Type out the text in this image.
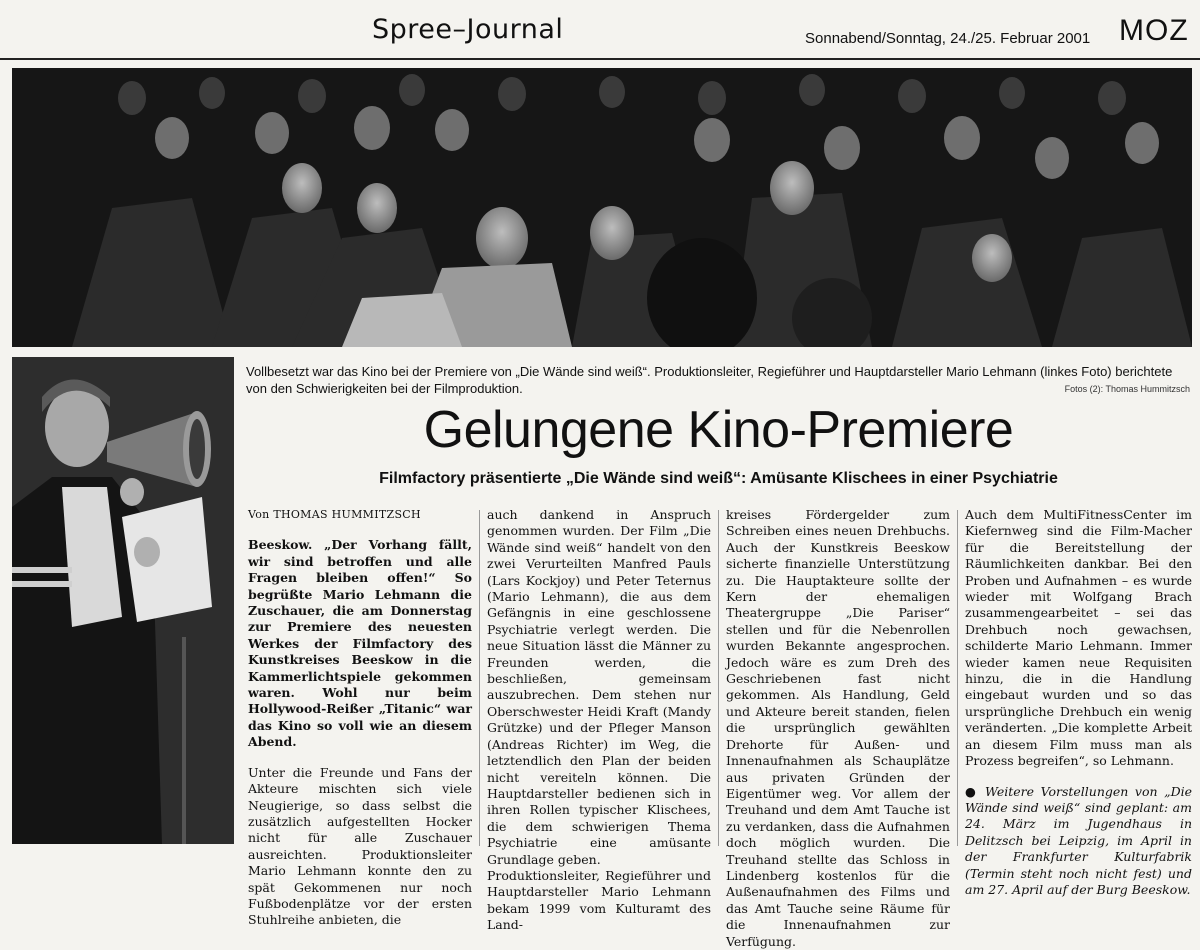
Spree–Journal	Sonnabend/Sonntag, 24./25. Februar 2001 MOZ
Vollbesetzt war das Kino bei der Premiere von „Die Wände sind weiß“. Produktionsleiter, Regieführer und Hauptdarsteller Mario Lehmann (linkes Foto) berichtete von den Schwierigkeiten bei der Filmproduktion.	Fotos (2): Thomas Hummitzsch
Gelungene Kino-Premiere
Filmfactory präsentierte „Die Wände sind weiß“: Amüsante Klischees in einer Psychiatrie

Von THOMAS HUMMITZSCH

Beeskow. „Der Vorhang fällt, wir sind betroffen und alle Fragen bleiben offen!“ So begrüßte Mario Lehmann die Zuschauer, die am Donnerstag zur Premiere des neuesten Werkes der Filmfactory des Kunstkreises Beeskow in die Kammerlichtspiele gekommen waren. Wohl nur beim Hollywood-Reißer „Titanic“ war das Kino so voll wie an diesem Abend.

Unter die Freunde und Fans der Akteure mischten sich viele Neugierige, so dass selbst die zusätzlich aufgestellten Hocker nicht für alle Zuschauer ausreichten. Produktionsleiter Mario Lehmann konnte den zu spät Gekommenen nur noch Fußbodenplätze vor der ersten Stuhlreihe anbieten, die

auch dankend in Anspruch genommen wurden. Der Film „Die Wände sind weiß“ handelt von den zwei Verurteilten Manfred Pauls (Lars Kockjoy) und Peter Teternus (Mario Lehmann), die aus dem Gefängnis in eine geschlossene Psychiatrie verlegt werden. Die neue Situation lässt die Männer zu Freunden werden, die beschließen, gemeinsam auszubrechen. Dem stehen nur Oberschwester Heidi Kraft (Mandy Grützke) und der Pfleger Manson (Andreas Richter) im Weg, die letztendlich den Plan der beiden nicht vereiteln können. Die Hauptdarsteller bedienen sich in ihren Rollen typischer Klischees, die dem schwierigen Thema Psychiatrie eine amüsante Grundlage geben.

Produktionsleiter, Regieführer und Hauptdarsteller Mario Lehmann bekam 1999 vom Kulturamt des Land-

kreises Fördergelder zum Schreiben eines neuen Drehbuchs. Auch der Kunstkreis Beeskow sicherte finanzielle Unterstützung zu. Die Hauptakteure sollte der Kern der ehemaligen Theatergruppe „Die Pariser“ stellen und für die Nebenrollen wurden Bekannte angesprochen. Jedoch wäre es zum Dreh des Geschriebenen fast nicht gekommen. Als Handlung, Geld und Akteure bereit standen, fielen die ursprünglich gewählten Drehorte für Außen- und Innenaufnahmen als Schauplätze aus privaten Gründen der Eigentümer weg. Vor allem der Treuhand und dem Amt Tauche ist zu verdanken, dass die Aufnahmen doch möglich wurden. Die Treuhand stellte das Schloss in Lindenberg kostenlos für die Außenaufnahmen des Films und das Amt Tauche seine Räume für die Innenaufnahmen zur Verfügung.

Auch dem MultiFitnessCenter im Kiefernweg sind die Film-Macher für die Bereitstellung der Räumlichkeiten dankbar. Bei den Proben und Aufnahmen – es wurde wieder mit Wolfgang Brach zusammengearbeitet – sei das Drehbuch noch gewachsen, schilderte Mario Lehmann. Immer wieder kamen neue Requisiten hinzu, die in die Handlung eingebaut wurden und so das ursprüngliche Drehbuch ein wenig veränderten. „Die komplette Arbeit an diesem Film muss man als Prozess begreifen“, so Lehmann.

● Weitere Vorstellungen von „Die Wände sind weiß“ sind geplant: am 24. März im Jugendhaus in Delitzsch bei Leipzig, im April in der Frankfurter Kulturfabrik (Termin steht noch nicht fest) und am 27. April auf der Burg Beeskow.
